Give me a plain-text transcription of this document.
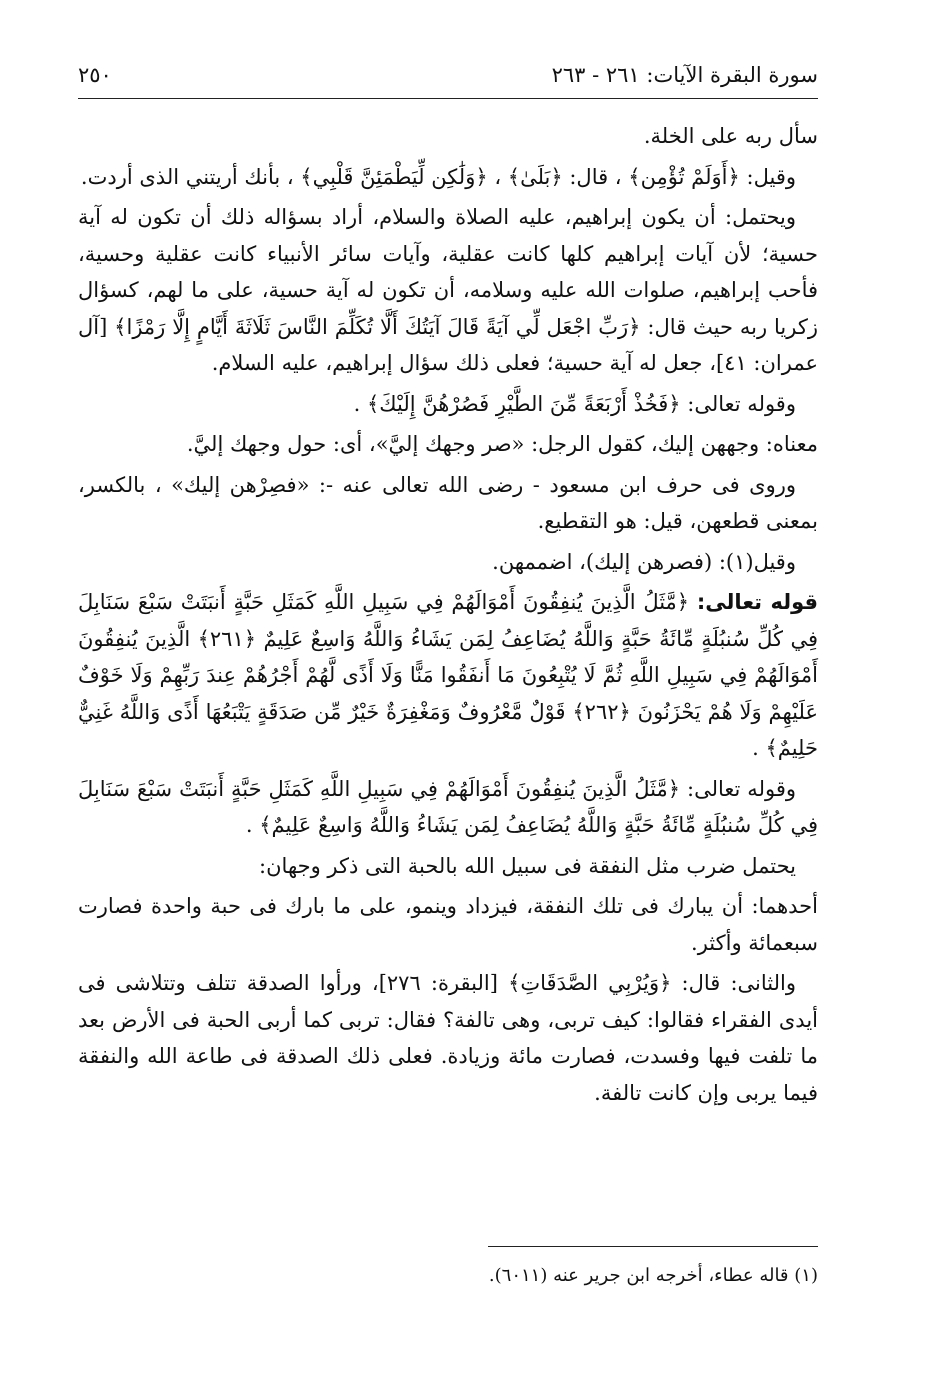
سورة البقرة الآيات: ٢٦١ - ٢٦٣
٢٥٠

سأل ربه على الخلة.

وقيل: ﴿أَوَلَمْ تُؤْمِن﴾ ، قال: ﴿بَلَىٰ﴾ ، ﴿وَلَٰكِن لِّيَطْمَئِنَّ قَلْبِي﴾ ، بأنك أريتني الذى أردت.

ويحتمل: أن يكون إبراهيم، عليه الصلاة والسلام، أراد بسؤاله ذلك أن تكون له آية حسية؛ لأن آيات إبراهيم كلها كانت عقلية، وآيات سائر الأنبياء كانت عقلية وحسية، فأحب إبراهيم، صلوات الله عليه وسلامه، أن تكون له آية حسية، على ما لهم، كسؤال زكريا ربه حيث قال: ﴿رَبِّ اجْعَل لِّي آيَةً قَالَ آيَتُكَ أَلَّا تُكَلِّمَ النَّاسَ ثَلَاثَةَ أَيَّامٍ إِلَّا رَمْزًا﴾ [آل عمران: ٤١]، جعل له آية حسية؛ فعلى ذلك سؤال إبراهيم، عليه السلام.

وقوله تعالى: ﴿فَخُذْ أَرْبَعَةً مِّنَ الطَّيْرِ فَصُرْهُنَّ إِلَيْكَ﴾ .

معناه: وجههن إليك، كقول الرجل: «صر وجهك إليَّ»، أى: حول وجهك إليَّ.

وروى فى حرف ابن مسعود - رضى الله تعالى عنه -: «فصِرْهن إليك» ، بالكسر، بمعنى قطعهن، قيل: هو التقطيع.

وقيل(١): (فصرهن إليك)، اضممهن.

قوله تعالى: ﴿مَّثَلُ الَّذِينَ يُنفِقُونَ أَمْوَالَهُمْ فِي سَبِيلِ اللَّهِ كَمَثَلِ حَبَّةٍ أَنبَتَتْ سَبْعَ سَنَابِلَ فِي كُلِّ سُنبُلَةٍ مِّائَةُ حَبَّةٍ وَاللَّهُ يُضَاعِفُ لِمَن يَشَاءُ وَاللَّهُ وَاسِعٌ عَلِيمٌ ﴿٢٦١﴾ الَّذِينَ يُنفِقُونَ أَمْوَالَهُمْ فِي سَبِيلِ اللَّهِ ثُمَّ لَا يُتْبِعُونَ مَا أَنفَقُوا مَنًّا وَلَا أَذًى لَّهُمْ أَجْرُهُمْ عِندَ رَبِّهِمْ وَلَا خَوْفٌ عَلَيْهِمْ وَلَا هُمْ يَحْزَنُونَ ﴿٢٦٢﴾ قَوْلٌ مَّعْرُوفٌ وَمَغْفِرَةٌ خَيْرٌ مِّن صَدَقَةٍ يَتْبَعُهَا أَذًى وَاللَّهُ غَنِيٌّ حَلِيمٌ﴾ .

وقوله تعالى: ﴿مَّثَلُ الَّذِينَ يُنفِقُونَ أَمْوَالَهُمْ فِي سَبِيلِ اللَّهِ كَمَثَلِ حَبَّةٍ أَنبَتَتْ سَبْعَ سَنَابِلَ فِي كُلِّ سُنبُلَةٍ مِّائَةُ حَبَّةٍ وَاللَّهُ يُضَاعِفُ لِمَن يَشَاءُ وَاللَّهُ وَاسِعٌ عَلِيمٌ﴾ .

يحتمل ضرب مثل النفقة فى سبيل الله بالحبة التى ذكر وجهان:

أحدهما: أن يبارك فى تلك النفقة، فيزداد وينمو، على ما بارك فى حبة واحدة فصارت سبعمائة وأكثر.

والثانى: قال: ﴿وَيُرْبِي الصَّدَقَاتِ﴾ [البقرة: ٢٧٦]، ورأوا الصدقة تتلف وتتلاشى فى أيدى الفقراء فقالوا: كيف تربى، وهى تالفة؟ فقال: تربى كما أربى الحبة فى الأرض بعد ما تلفت فيها وفسدت، فصارت مائة وزيادة. فعلى ذلك الصدقة فى طاعة الله والنفقة فيما يربى وإن كانت تالفة.

(١) قاله عطاء، أخرجه ابن جرير عنه (٦٠١١).
